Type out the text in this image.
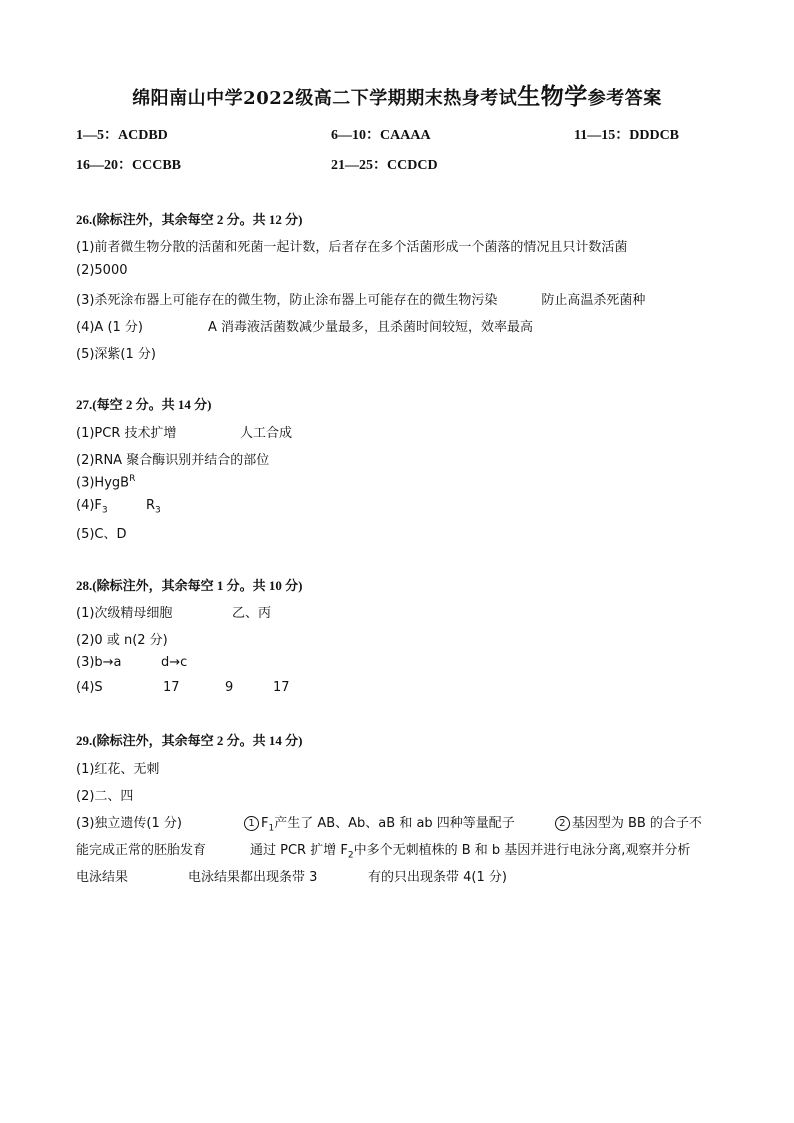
绵阳南山中学2022级高二下学期期末热身考试生物学参考答案
1—5：ACDBD	6—10：CAAAA	11—15：DDDCB
16—20：CCCBB	21—25：CCDCD
26.(除标注外，其余每空 2 分。共 12 分)
(1)前者微生物分散的活菌和死菌一起计数，后者存在多个活菌形成一个菌落的情况且只计数活菌
(2)5000
(3)杀死涂布器上可能存在的微生物，防止涂布器上可能存在的微生物污染	防止高温杀死菌种
(4)A (1 分)	A 消毒液活菌数减少量最多，且杀菌时间较短，效率最高
(5)深紫(1 分)
27.(每空 2 分。共 14 分)
(1)PCR 技术扩增	人工合成
(2)RNA 聚合酶识别并结合的部位
(3)HygB$^R$
$(4)F_3$	$R_3$
(5)C、D
28.(除标注外，其余每空 1 分。共 10 分)
(1)次级精母细胞	乙、丙
(2)0 或 n(2 分)
(3)b→a	d→c
(4)S	17	9	17
29.(除标注外，其余每空 2 分。共 14 分)
(1)红花、无刺
(2)二、四
(3)独立遗传(1 分)	1 $F_1$产生了 AB、Ab、aB 和 ab 四种等量配子	2 基因型为 BB 的合子不
能完成正常的胚胎发育	通过 PCR 扩增 $F_2$中多个无刺植株的 B 和 b 基因并进行电泳分离,观察并分析
电泳结果	电泳结果都出现条带 3	有的只出现条带 4(1 分)
